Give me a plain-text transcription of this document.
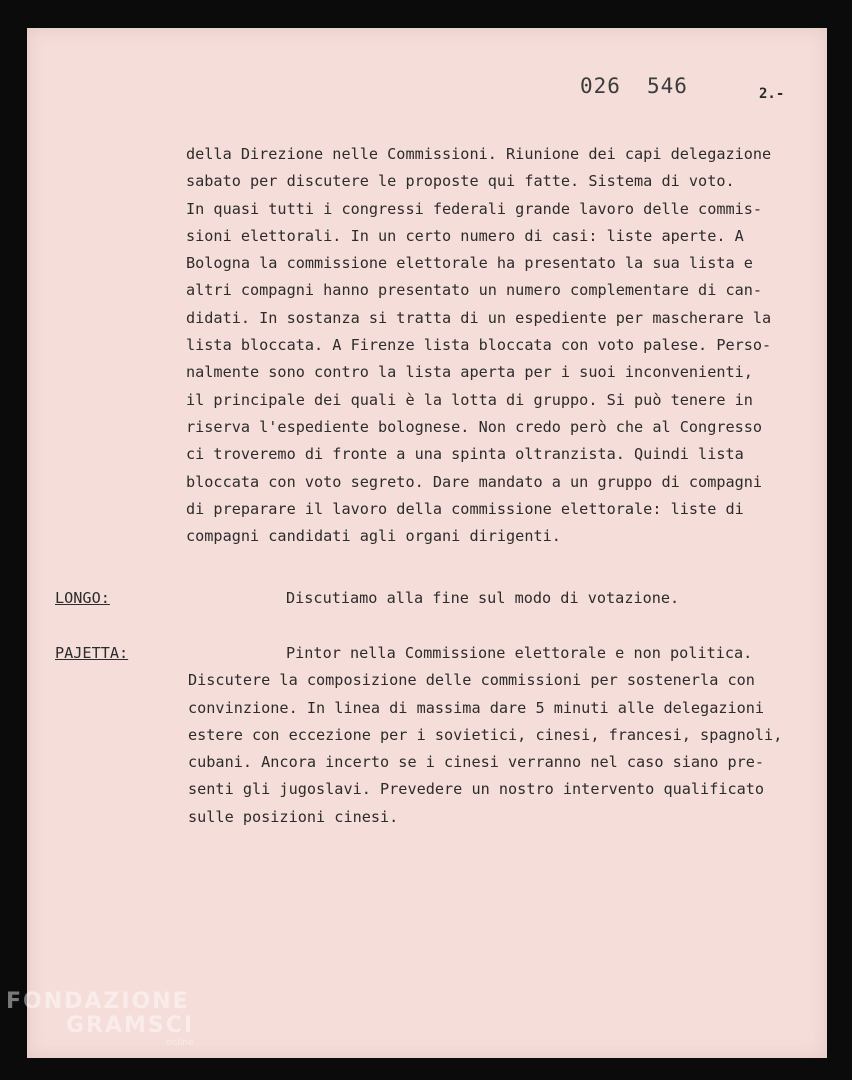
026 546	2.-
della Direzione nelle Commissioni. Riunione dei capi delegazione
sabato per discutere le proposte qui fatte. Sistema di voto.
In quasi tutti i congressi federali grande lavoro delle commis-
sioni elettorali. In un certo numero di casi: liste aperte. A
Bologna la commissione elettorale ha presentato la sua lista e
altri compagni hanno presentato un numero complementare di can-
didati. In sostanza si tratta di un espediente per mascherare la
lista bloccata. A Firenze lista bloccata con voto palese. Perso-
nalmente sono contro la lista aperta per i suoi inconvenienti,
il principale dei quali è la lotta di gruppo. Si può tenere in
riserva l'espediente bolognese. Non credo però che al Congresso
ci troveremo di fronte a una spinta oltranzista. Quindi lista
bloccata con voto segreto. Dare mandato a un gruppo di compagni
di preparare il lavoro della commissione elettorale: liste di
compagni candidati agli organi dirigenti.
LONGO:	Discutiamo alla fine sul modo di votazione.
PAJETTA:	Pintor nella Commissione elettorale e non politica.
Discutere la composizione delle commissioni per sostenerla con
convinzione. In linea di massima dare 5 minuti alle delegazioni
estere con eccezione per i sovietici, cinesi, francesi, spagnoli,
cubani. Ancora incerto se i cinesi verranno nel caso siano pre-
senti gli jugoslavi. Prevedere un nostro intervento qualificato
sulle posizioni cinesi.
FONDAZIONE
GRAMSCI
online
